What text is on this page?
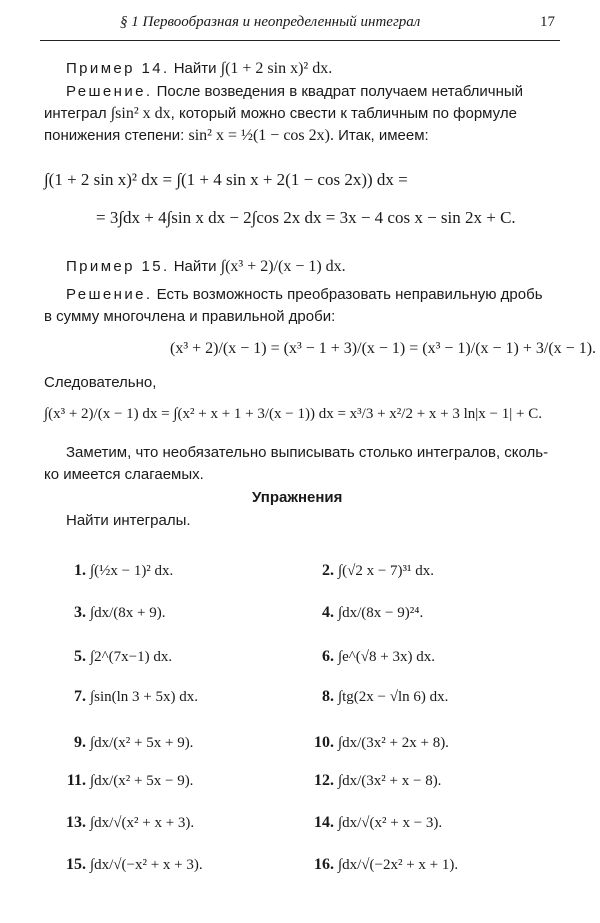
§ 1 Первообразная и неопределенный интеграл	17
Пример 14. Найти ∫(1 + 2 sin x)² dx.
Решение. После возведения в квадрат получаем нетабличный
интеграл ∫sin² x dx, который можно свести к табличным по формуле
понижения степени: sin² x = ½(1 − cos 2x). Итак, имеем:
∫(1 + 2 sin x)² dx = ∫(1 + 4 sin x + 2(1 − cos 2x)) dx =
= 3∫dx + 4∫sin x dx − 2∫cos 2x dx = 3x − 4 cos x − sin 2x + C.
Пример 15. Найти ∫(x³ + 2)/(x − 1) dx.
Решение. Есть возможность преобразовать неправильную дробь
в сумму многочлена и правильной дроби:
(x³ + 2)/(x − 1) = (x³ − 1 + 3)/(x − 1) = (x³ − 1)/(x − 1) + 3/(x − 1).
Следовательно,
∫(x³ + 2)/(x − 1) dx = ∫(x² + x + 1 + 3/(x − 1)) dx = x³/3 + x²/2 + x + 3 ln|x − 1| + C.
Заметим, что необязательно выписывать столько интегралов, сколь-
ко имеется слагаемых.
Упражнения
Найти интегралы.
1. ∫(½x − 1)² dx.	2. ∫(√2 x − 7)³¹ dx.
3. ∫dx/(8x + 9).	4. ∫dx/(8x − 9)²⁴.
5. ∫2^(7x−1) dx.	6. ∫e^(√8 + 3x) dx.
7. ∫sin(ln 3 + 5x) dx.	8. ∫tg(2x − √ln 6) dx.
9. ∫dx/(x² + 5x + 9).	10. ∫dx/(3x² + 2x + 8).
11. ∫dx/(x² + 5x − 9).	12. ∫dx/(3x² + x − 8).
13. ∫dx/√(x² + x + 3).	14. ∫dx/√(x² + x − 3).
15. ∫dx/√(−x² + x + 3).	16. ∫dx/√(−2x² + x + 1).
